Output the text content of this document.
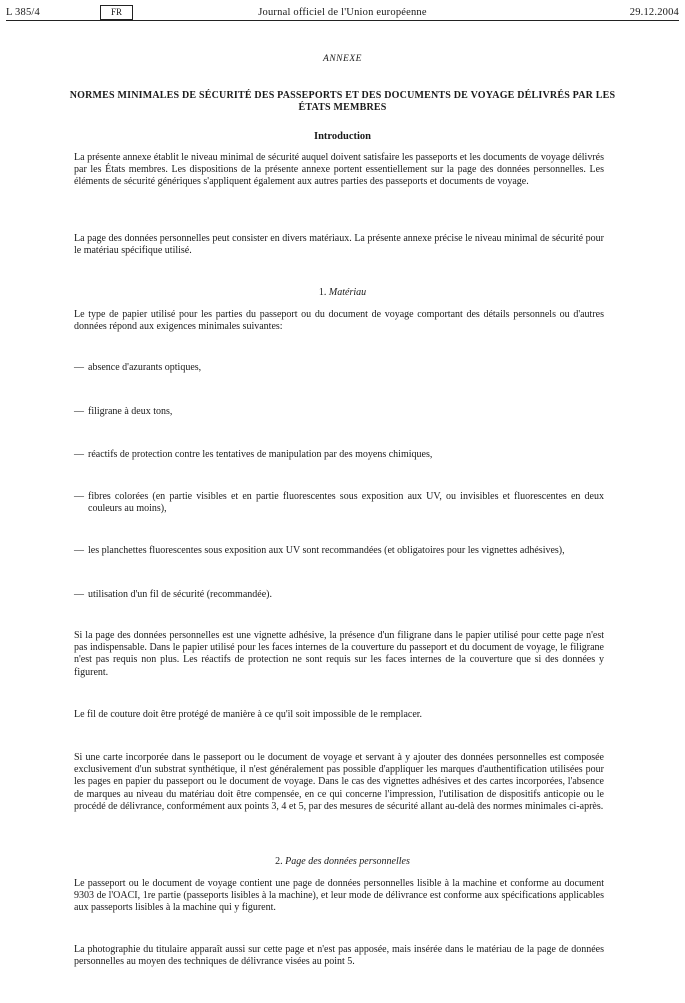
L 385/4	FR	Journal officiel de l'Union européenne	29.12.2004
ANNEXE
NORMES MINIMALES DE SÉCURITÉ DES PASSEPORTS ET DES DOCUMENTS DE VOYAGE DÉLIVRÉS PAR LES ÉTATS MEMBRES
Introduction
La présente annexe établit le niveau minimal de sécurité auquel doivent satisfaire les passeports et les documents de voyage délivrés par les États membres. Les dispositions de la présente annexe portent essentiellement sur la page des données personnelles. Les éléments de sécurité génériques s'appliquent également aux autres parties des passeports et documents de voyage.
La page des données personnelles peut consister en divers matériaux. La présente annexe précise le niveau minimal de sécurité pour le matériau spécifique utilisé.
1. Matériau
Le type de papier utilisé pour les parties du passeport ou du document de voyage comportant des détails personnels ou d'autres données répond aux exigences minimales suivantes:
— absence d'azurants optiques,
— filigrane à deux tons,
— réactifs de protection contre les tentatives de manipulation par des moyens chimiques,
— fibres colorées (en partie visibles et en partie fluorescentes sous exposition aux UV, ou invisibles et fluorescentes en deux couleurs au moins),
— les planchettes fluorescentes sous exposition aux UV sont recommandées (et obligatoires pour les vignettes adhésives),
— utilisation d'un fil de sécurité (recommandée).
Si la page des données personnelles est une vignette adhésive, la présence d'un filigrane dans le papier utilisé pour cette page n'est pas indispensable. Dans le papier utilisé pour les faces internes de la couverture du passeport et du document de voyage, le filigrane n'est pas requis non plus. Les réactifs de protection ne sont requis sur les faces internes de la couverture que si des données y figurent.
Le fil de couture doit être protégé de manière à ce qu'il soit impossible de le remplacer.
Si une carte incorporée dans le passeport ou le document de voyage et servant à y ajouter des données personnelles est composée exclusivement d'un substrat synthétique, il n'est généralement pas possible d'appliquer les marques d'authentification utilisées pour les pages en papier du passeport ou le document de voyage. Dans le cas des vignettes adhésives et des cartes incorporées, l'absence de marques au niveau du matériau doit être compensée, en ce qui concerne l'impression, l'utilisation de dispositifs anticopie ou le procédé de délivrance, conformément aux points 3, 4 et 5, par des mesures de sécurité allant au-delà des normes minimales ci-après.
2. Page des données personnelles
Le passeport ou le document de voyage contient une page de données personnelles lisible à la machine et conforme au document 9303 de l'OACI, 1re partie (passeports lisibles à la machine), et leur mode de délivrance est conforme aux spécifications applicables aux passeports lisibles à la machine qui y figurent.
La photographie du titulaire apparaît aussi sur cette page et n'est pas apposée, mais insérée dans le matériau de la page de données personnelles au moyen des techniques de délivrance visées au point 5.
